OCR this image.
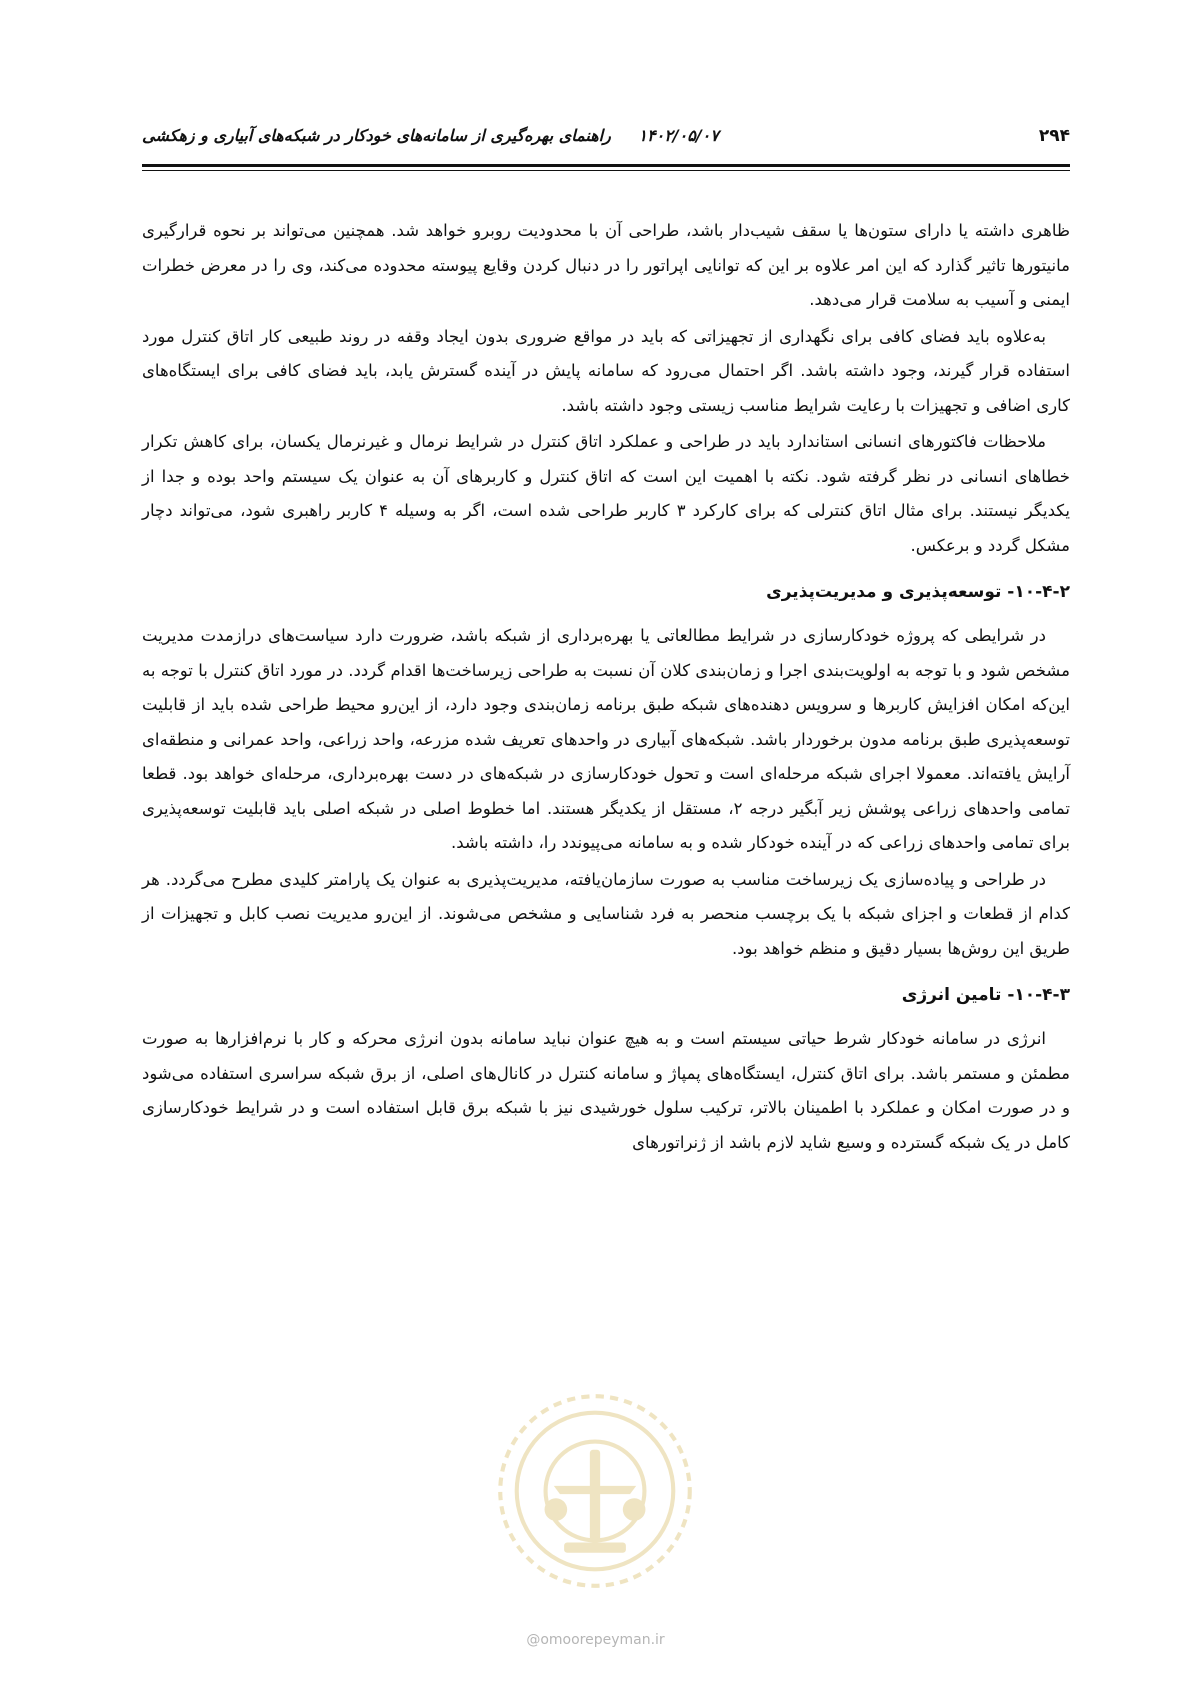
۲۹۴
۱۴۰۲/۰۵/۰۷ راهنمای بهره‌گیری از سامانه‌های خودکار در شبکه‌های آبیاری و زهکشی

ظاهری داشته یا دارای ستون‌ها یا سقف شیب‌دار باشد، طراحی آن با محدودیت روبرو خواهد شد. همچنین می‌تواند بر نحوه قرارگیری مانیتورها تاثیر گذارد که این امر علاوه بر این که توانایی اپراتور را در دنبال کردن وقایع پیوسته محدوده می‌کند، وی را در معرض خطرات ایمنی و آسیب به سلامت قرار می‌دهد.

به‌علاوه باید فضای کافی برای نگهداری از تجهیزاتی که باید در مواقع ضروری بدون ایجاد وقفه در روند طبیعی کار اتاق کنترل مورد استفاده قرار گیرند، وجود داشته باشد. اگر احتمال می‌رود که سامانه پایش در آینده گسترش یابد، باید فضای کافی برای ایستگاه‌های کاری اضافی و تجهیزات با رعایت شرایط مناسب زیستی وجود داشته باشد.

ملاحظات فاکتورهای انسانی استاندارد باید در طراحی و عملکرد اتاق کنترل در شرایط نرمال و غیرنرمال یکسان، برای کاهش تکرار خطاهای انسانی در نظر گرفته شود. نکته با اهمیت این است که اتاق کنترل و کاربرهای آن به عنوان یک سیستم واحد بوده و جدا از یکدیگر نیستند. برای مثال اتاق کنترلی که برای کارکرد ۳ کاربر طراحی شده است، اگر به وسیله ۴ کاربر راهبری شود، می‌تواند دچار مشکل گردد و برعکس.

۱۰-۴-۲- توسعه‌پذیری و مدیریت‌پذیری

در شرایطی که پروژه خودکارسازی در شرایط مطالعاتی یا بهره‌برداری از شبکه باشد، ضرورت دارد سیاست‌های درازمدت مدیریت مشخص شود و با توجه به اولویت‌بندی اجرا و زمان‌بندی کلان آن نسبت به طراحی زیرساخت‌ها اقدام گردد. در مورد اتاق کنترل با توجه به این‌که امکان افزایش کاربرها و سرویس دهنده‌های شبکه طبق برنامه زمان‌بندی وجود دارد، از این‌رو محیط طراحی شده باید از قابلیت توسعه‌پذیری طبق برنامه مدون برخوردار باشد. شبکه‌های آبیاری در واحدهای تعریف شده مزرعه، واحد زراعی، واحد عمرانی و منطقه‌ای آرایش یافته‌اند. معمولا اجرای شبکه مرحله‌ای است و تحول خودکارسازی در شبکه‌های در دست بهره‌برداری، مرحله‌ای خواهد بود. قطعا تمامی واحدهای زراعی پوشش زیر آبگیر درجه ۲، مستقل از یکدیگر هستند. اما خطوط اصلی در شبکه اصلی باید قابلیت توسعه‌پذیری برای تمامی واحدهای زراعی که در آینده خودکار شده و به سامانه می‌پیوندد را، داشته باشد.

در طراحی و پیاده‌سازی یک زیرساخت مناسب به صورت سازمان‌یافته، مدیریت‌پذیری به عنوان یک پارامتر کلیدی مطرح می‌گردد. هر کدام از قطعات و اجزای شبکه با یک برچسب منحصر به فرد شناسایی و مشخص می‌شوند. از این‌رو مدیریت نصب کابل و تجهیزات از طریق این روش‌ها بسیار دقیق و منظم خواهد بود.

۱۰-۴-۳- تامین انرژی

انرژی در سامانه خودکار شرط حیاتی سیستم است و به هیچ عنوان نباید سامانه بدون انرژی محرکه و کار با نرم‌افزارها به صورت مطمئن و مستمر باشد. برای اتاق کنترل، ایستگاه‌های پمپاژ و سامانه کنترل در کانال‌های اصلی، از برق شبکه سراسری استفاده می‌شود و در صورت امکان و عملکرد با اطمینان بالاتر، ترکیب سلول خورشیدی نیز با شبکه برق قابل استفاده است و در شرایط خودکارسازی کامل در یک شبکه گسترده و وسیع شاید لازم باشد از ژنراتورهای

@omoorepeyman.ir
